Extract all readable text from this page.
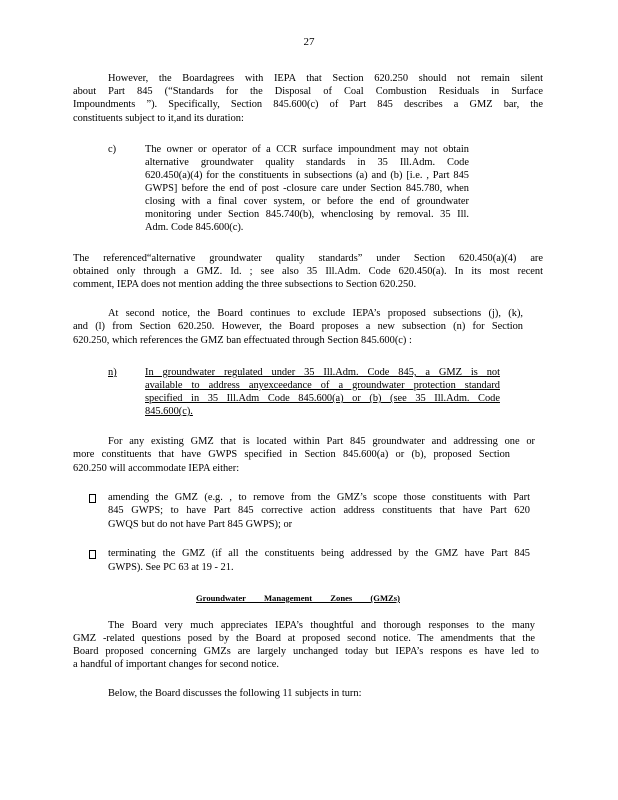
27
However, the Boardagrees with IEPA that Section 620.250 should not remain silent
about Part 845 (“Standards for the Disposal of Coal Combustion Residuals in Surface
Impoundments ”). Specifically, Section 845.600(c) of Part 845 describes a GMZ bar, the
constituents subject to it,and its duration:
c)	The owner or operator of a CCR surface impoundment may not obtain
alternative groundwater quality standards in 35 Ill.Adm. Code
620.450(a)(4) for the constituents in subsections (a) and (b) [i.e. , Part 845
GWPS] before the end of post -closure care under Section 845.780, when
closing with a final cover system, or before the end of groundwater
monitoring under Section 845.740(b), whenclosing by removal. 35 Ill.
Adm. Code 845.600(c).
The referenced“alternative groundwater quality standards” under Section 620.450(a)(4) are
obtained only through a GMZ. Id. ; see also 35 Ill.Adm. Code 620.450(a). In its most recent
comment, IEPA does not mention adding the three subsections to Section 620.250.
At second notice, the Board continues to exclude IEPA’s proposed subsections (j), (k),
and (l) from Section 620.250. However, the Board proposes a new subsection (n) for Section
620.250, which references the GMZ ban effectuated through Section 845.600(c) :
n)	In groundwater regulated under 35 Ill.Adm. Code 845, a GMZ is not
available to address anyexceedance of a groundwater protection standard
specified in 35 Ill.Adm Code 845.600(a) or (b) (see 35 Ill.Adm. Code
845.600(c).
For any existing GMZ that is located within Part 845 groundwater and addressing one or
more constituents that have GWPS specified in Section 845.600(a) or (b), proposed Section
620.250 will accommodate IEPA either:
amending the GMZ (e.g. , to remove from the GMZ’s scope those constituents with Part
845 GWPS; to have Part 845 corrective action address constituents that have Part 620
GWQS but do not have Part 845 GWPS); or
terminating the GMZ (if all the constituents being addressed by the GMZ have Part 845
GWPS). See PC 63 at 19 - 21.
Groundwater Management Zones (GMZs)
The Board very much appreciates IEPA’s thoughtful and thorough responses to the many
GMZ -related questions posed by the Board at proposed second notice. The amendments that the
Board proposed concerning GMZs are largely unchanged today but IEPA’s respons es have led to
a handful of important changes for second notice.
Below, the Board discusses the following 11 subjects in turn:
